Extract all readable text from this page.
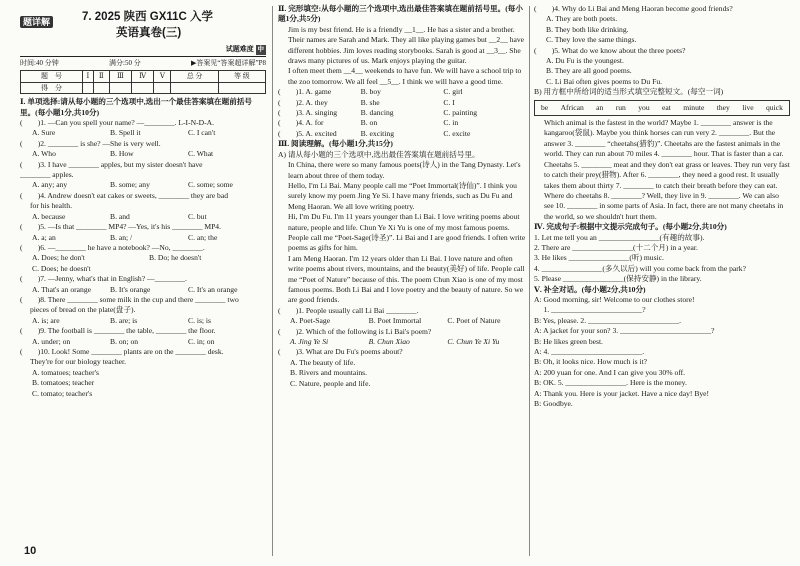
题详解	7. 2025 陕西 GX11C 入学
英语真卷(三)
试题难度 中
时间:40 分钟	满分:50 分	▶答案见“答案超详解”P8
题　号	Ⅰ	Ⅱ	Ⅲ	Ⅳ	Ⅴ	总 分	等 级
得　分							
Ⅰ. 单项选择:请从每小题的三个选项中,选出一个最佳答案填在题前括号里。(每小题1分,共10分)
(　　)1. —Can you spell your name? —________. L-I-N-D-A.
A. Sure	B. Spell it	C. I can't
(　　)2. ________ is she? —She is very well.
A. Who	B. How	C. What
(　　)3. I have ________ apples, but my sister doesn't have
________ apples.
A. any; any	B. some; any	C. some; some
(　　)4. Andrew doesn't eat cakes or sweets, ________ they are bad
for his health.
A. because	B. and	C. but
(　　)5. —Is that ________ MP4? —Yes, it's his ________ MP4.
A. a; an	B. an; /	C. an; the
(　　)6. —________ he have a notebook? —No, ________.
A. Does; he don't	B. Do; he doesn't
C. Does; he doesn't
(　　)7. —Jenny, what's that in English? —________.
A. That's an orange	B. It's orange	C. It's an orange
(　　)8. There ________ some milk in the cup and there ________ two
pieces of bread on the plate(盘子).
A. is; are	B. are; is	C. is; is
(　　)9. The football is ________ the table, ________ the floor.
A. under; on	B. on; on	C. in; on
(　　)10. Look! Some ________ plants are on the ________ desk.
They're for our biology teacher.
A. tomatoes; teacher's
B. tomatoes; teacher
C. tomato; teacher's
Ⅱ. 完形填空:从每小题的三个选项中,选出最佳答案填在题前括号里。(每小题1分,共5分)
Jim is my best friend. He is a friendly __1__. He has a sister and a brother. Their names are Sarah and Mark. They all like playing games but __2__ have different hobbies. Jim loves reading storybooks. Sarah is good at __3__. She draws many pictures of us. Mark enjoys playing the guitar.
I often meet them __4__ weekends to have fun. We will have a school trip to the zoo tomorrow. We all feel __5__. I think we will have a good time.
(　　)1. A. game	B. boy	C. girl
(　　)2. A. they	B. she	C. I
(　　)3. A. singing	B. dancing	C. painting
(　　)4. A. for	B. on	C. in
(　　)5. A. excited	B. exciting	C. excite
Ⅲ. 阅读理解。(每小题1分,共15分)
A) 请从每小题的三个选项中,选出最佳答案填在题前括号里。
In China, there were so many famous poets(诗人) in the Tang Dynasty. Let's learn about three of them today.
Hello, I'm Li Bai. Many people call me “Poet Immortal(诗仙)”. I think you surely know my poem Jing Ye Si. I have many friends, such as Du Fu and Meng Haoran. We all love writing poetry.
Hi, I'm Du Fu. I'm 11 years younger than Li Bai. I love writing poems about nature, people and life. Chun Ye Xi Yu is one of my most famous poems. People call me “Poet-Sage(诗圣)”. Li Bai and I are good friends. I often write poems as gifts for him.
I am Meng Haoran. I'm 12 years older than Li Bai. I love nature and often write poems about rivers, mountains, and the beauty(美好) of life. People call me “Poet of Nature” because of this. The poem Chun Xiao is one of my most famous poems. Both Li Bai and I love poetry and the beauty of nature. So we are good friends.
(　　)1. People usually call Li Bai ________.
A. Poet-Sage	B. Poet Immortal	C. Poet of Nature
(　　)2. Which of the following is Li Bai's poem?
A. Jing Ye Si	B. Chun Xiao	C. Chun Ye Xi Yu
(　　)3. What are Du Fu's poems about?
A. The beauty of life.
B. Rivers and mountains.
C. Nature, people and life.
(　　)4. Why do Li Bai and Meng Haoran become good friends?
A. They are both poets.
B. They both like drinking.
C. They love the same things.
(　　)5. What do we know about the three poets?
A. Du Fu is the youngest.
B. They are all good poems.
C. Li Bai often gives poems to Du Fu.
B) 用方框中所给词的适当形式填空完整短文。(每空一词)
be African an run you eat minute they live quick
Which animal is the fastest in the world? Maybe 1. ________ answer is the kangaroo(袋鼠). Maybe you think horses can run very 2. ________. But the answer 3. ________ “cheetahs(猎豹)”. Cheetahs are the fastest animals in the world. They can run about 70 miles 4. ________ hour. That is faster than a car. Cheetahs 5. ________ meat and they don't eat grass or leaves. They run very fast to catch their prey(猎物). After 6. ________, they need a good rest. It usually takes them about thirty 7. ________ to catch their breath before they can eat. Where do cheetahs 8. ________? Well, they live in 9. ________. We can also see 10. ________ in some parts of Asia. In fact, there are not many cheetahs in the world, so we shouldn't hurt them.
Ⅳ. 完成句子:根据中文提示完成句子。(每小题2分,共10分)
1. Let me tell you an ________________(有趣的故事).
2. There are ________________(十二个月) in a year.
3. He likes ________________(听) music.
4. ________________(多久以后) will you come back from the park?
5. Please ________________(保持安静) in the library.
Ⅴ. 补全对话。(每小题2分,共10分)
A: Good morning, sir! Welcome to our clothes store!
　 1. ________________________?
B: Yes, please. 2. ________________________.
A: A jacket for your son? 3. ________________________?
B: He likes green best.
A: 4. ________________________.
B: Oh, it looks nice. How much is it?
A: 200 yuan for one. And I can give you 30% off.
B: OK. 5. ________________. Here is the money.
A: Thank you. Here is your jacket. Have a nice day! Bye!
B: Goodbye.
10
